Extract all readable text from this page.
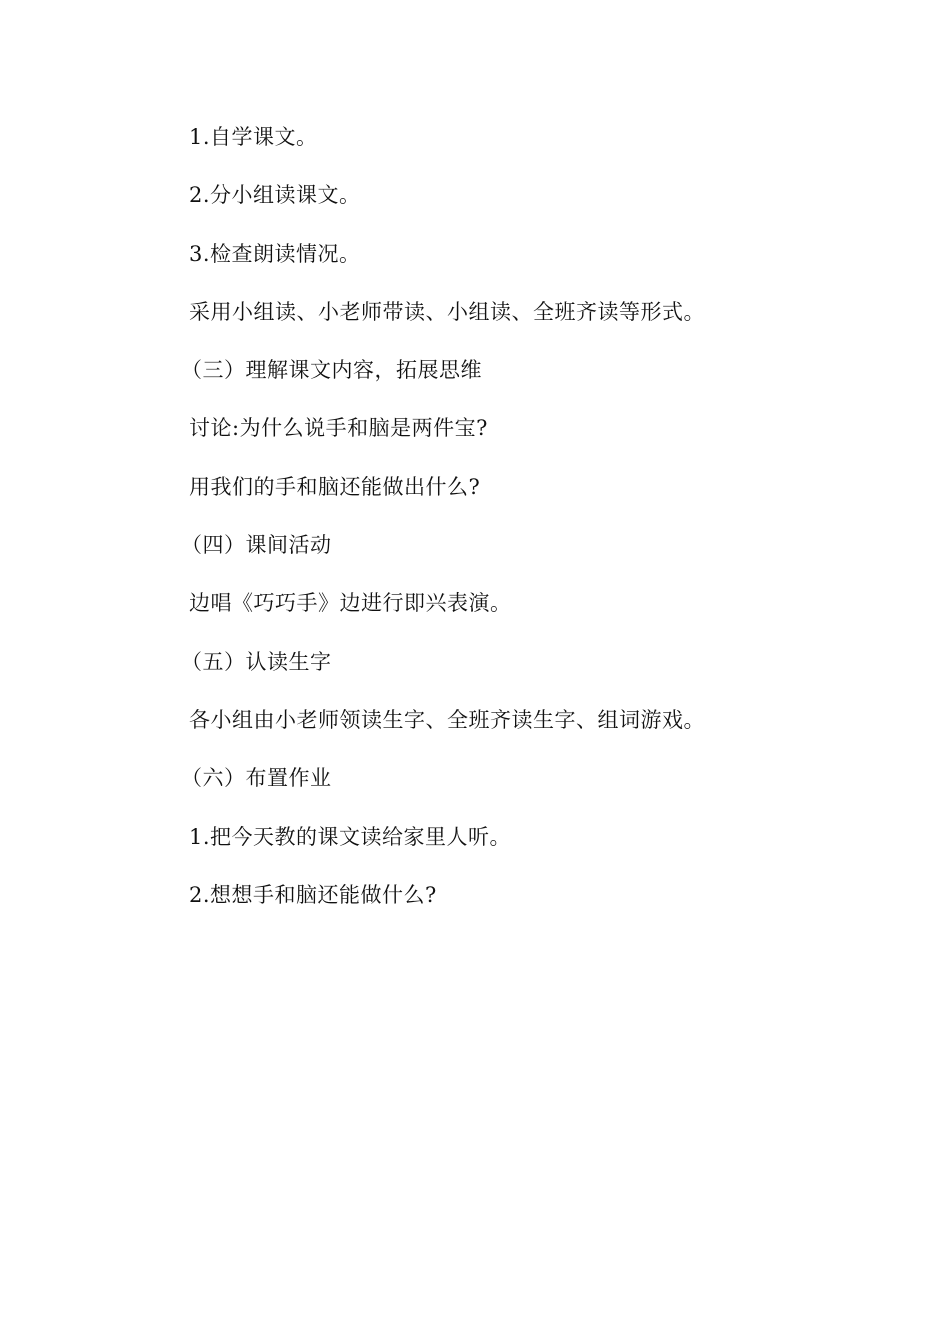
1.自学课文。

2.分小组读课文。

3.检查朗读情况。

采用小组读、小老师带读、小组读、全班齐读等形式。

（三）理解课文内容，拓展思维

讨论:为什么说手和脑是两件宝?

用我们的手和脑还能做出什么?

（四）课间活动

边唱《巧巧手》边进行即兴表演。

（五）认读生字

各小组由小老师领读生字、全班齐读生字、组词游戏。

（六）布置作业

1.把今天教的课文读给家里人听。

2.想想手和脑还能做什么?
